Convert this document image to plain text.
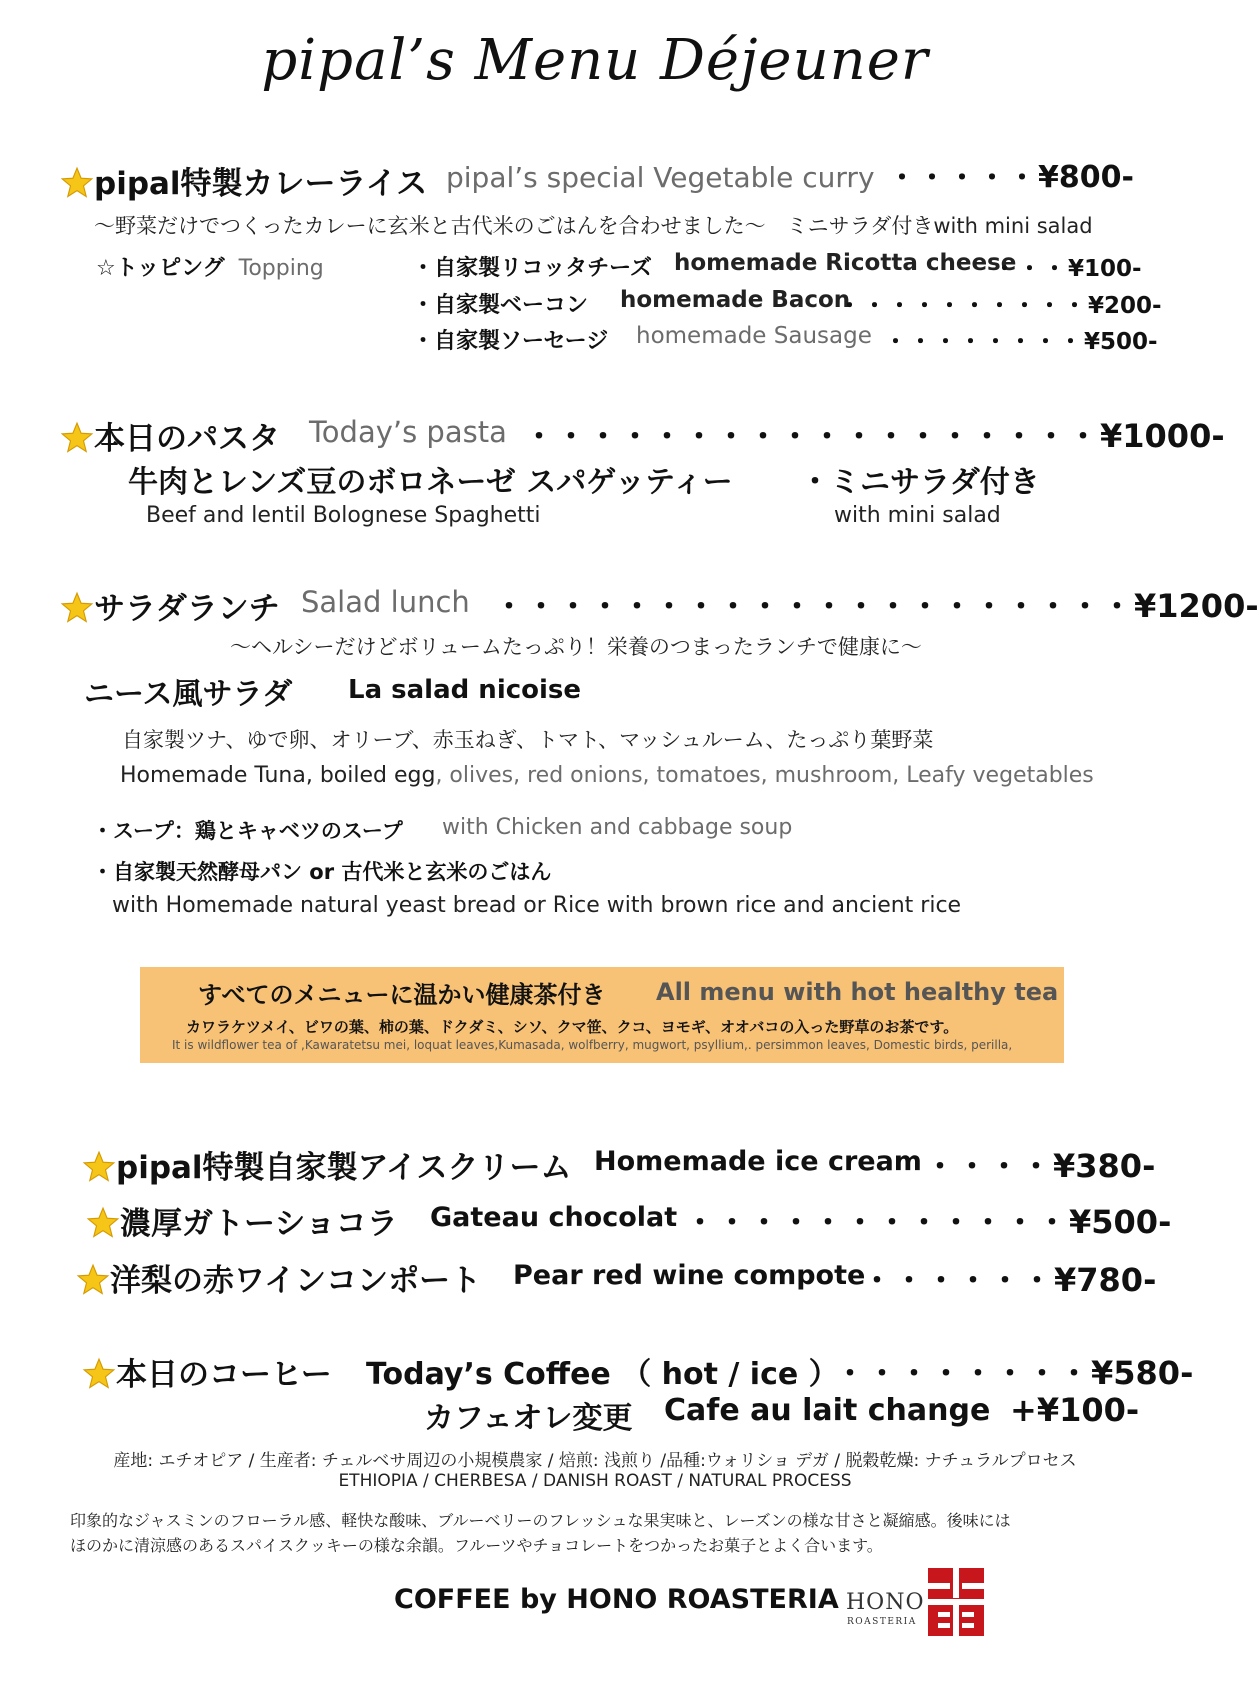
pipal’s Menu Déjeuner
pipal特製カレーライス pipal’s special Vegetable curry ・・・・・¥800-
〜野菜だけでつくったカレーに玄米と古代米のごはんを合わせました〜　ミニサラダ付きwith mini salad
☆トッピング Topping	・自家製リコッタチーズ homemade Ricotta cheese
・・・¥100-
・自家製ベーコン homemade Bacon
・・・・・・・・・・¥200-
・自家製ソーセージ homemade Sausage ・・・・・・・・¥500-
本日のパスタ Today’s pasta ・・・・・・・・・・・・・・・・・・¥1000-
牛肉とレンズ豆のボロネーゼ スパゲッティー ・ミニサラダ付き
Beef and lentil Bolognese Spaghetti	with mini salad
サラダランチ Salad lunch ・・・・・・・・・・・・・・・・・・・・¥1200-
〜ヘルシーだけどボリュームたっぷり！栄養のつまったランチで健康に〜
ニース風サラダ La salad nicoise
自家製ツナ、ゆで卵、オリーブ、赤玉ねぎ、トマト、マッシュルーム、たっぷり葉野菜
Homemade Tuna, boiled egg, olives, red onions, tomatoes, mushroom, Leafy vegetables
・スープ：鶏とキャベツのスープ with Chicken and cabbage soup
・自家製天然酵母パン or 古代米と玄米のごはん
with Homemade natural yeast bread or Rice with brown rice and ancient rice
すべてのメニューに温かい健康茶付き All menu with hot healthy tea
カワラケツメイ、ビワの葉、柿の葉、ドクダミ、シソ、クマ笹、クコ、ヨモギ、オオバコの入った野草のお茶です。
It is wildflower tea of ,Kawaratetsu mei, loquat leaves,Kumasada, wolfberry, mugwort, psyllium,. persimmon leaves, Domestic birds, perilla,
pipal特製自家製アイスクリーム Homemade ice cream ・・・・¥380-
濃厚ガトーショコラ Gateau chocolat ・・・・・・・・・・・・¥500-
洋梨の赤ワインコンポート Pear red wine compote
・・・・・・¥780-
本日のコーヒー Today’s Coffee （ hot / ice ）
・・・・・・・・¥580-
カフェオレ変更 Cafe au lait change +¥100-
産地: エチオピア / 生産者: チェルベサ周辺の小規模農家 / 焙煎: 浅煎り /品種:ウォリショ デガ / 脱穀乾燥: ナチュラルプロセス
ETHIOPIA / CHERBESA / DANISH ROAST / NATURAL PROCESS
印象的なジャスミンのフローラル感、軽快な酸味、ブルーベリーのフレッシュな果実味と、レーズンの様な甘さと凝縮感。後味には
ほのかに清涼感のあるスパイスクッキーの様な余韻。フルーツやチョコレートをつかったお菓子とよく合います。
COFFEE by HONO ROASTERIA HONO
ROASTERIA
